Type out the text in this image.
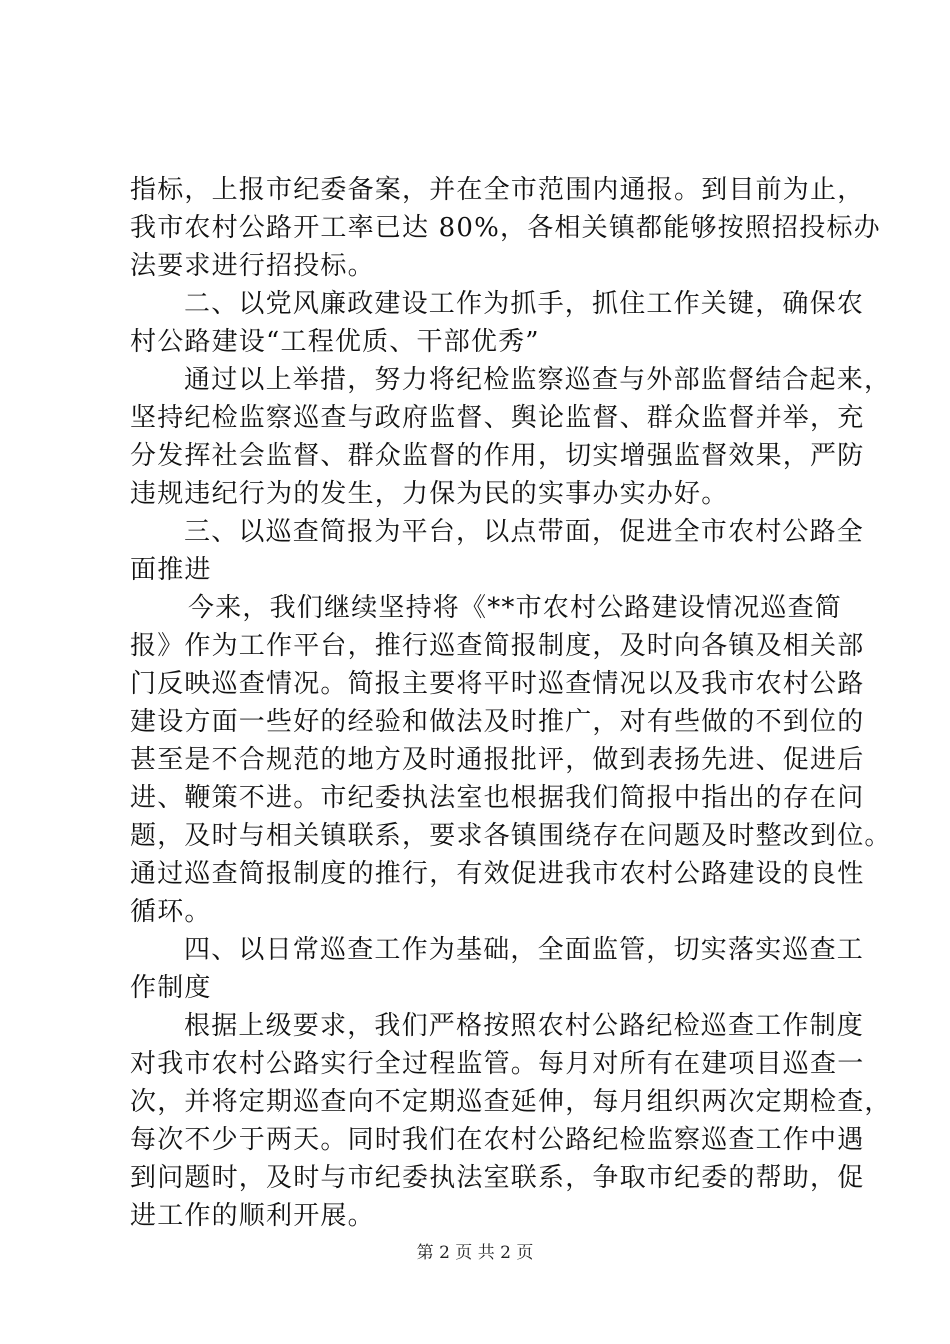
指标，上报市纪委备案，并在全市范围内通报。到目前为止，
我市农村公路开工率已达 80%，各相关镇都能够按照招投标办
法要求进行招投标。
二、以党风廉政建设工作为抓手，抓住工作关键，确保农
村公路建设“工程优质、干部优秀”
通过以上举措，努力将纪检监察巡查与外部监督结合起来，
坚持纪检监察巡查与政府监督、舆论监督、群众监督并举，充
分发挥社会监督、群众监督的作用，切实增强监督效果，严防
违规违纪行为的发生，力保为民的实事办实办好。
三、以巡查简报为平台，以点带面，促进全市农村公路全
面推进
今来，我们继续坚持将《**市农村公路建设情况巡查简
报》作为工作平台，推行巡查简报制度，及时向各镇及相关部
门反映巡查情况。简报主要将平时巡查情况以及我市农村公路
建设方面一些好的经验和做法及时推广，对有些做的不到位的
甚至是不合规范的地方及时通报批评，做到表扬先进、促进后
进、鞭策不进。市纪委执法室也根据我们简报中指出的存在问
题，及时与相关镇联系，要求各镇围绕存在问题及时整改到位。
通过巡查简报制度的推行，有效促进我市农村公路建设的良性
循环。
四、以日常巡查工作为基础，全面监管，切实落实巡查工
作制度
根据上级要求，我们严格按照农村公路纪检巡查工作制度
对我市农村公路实行全过程监管。每月对所有在建项目巡查一
次，并将定期巡查向不定期巡查延伸，每月组织两次定期检查，
每次不少于两天。同时我们在农村公路纪检监察巡查工作中遇
到问题时，及时与市纪委执法室联系，争取市纪委的帮助，促
进工作的顺利开展。
第 2 页 共 2 页
